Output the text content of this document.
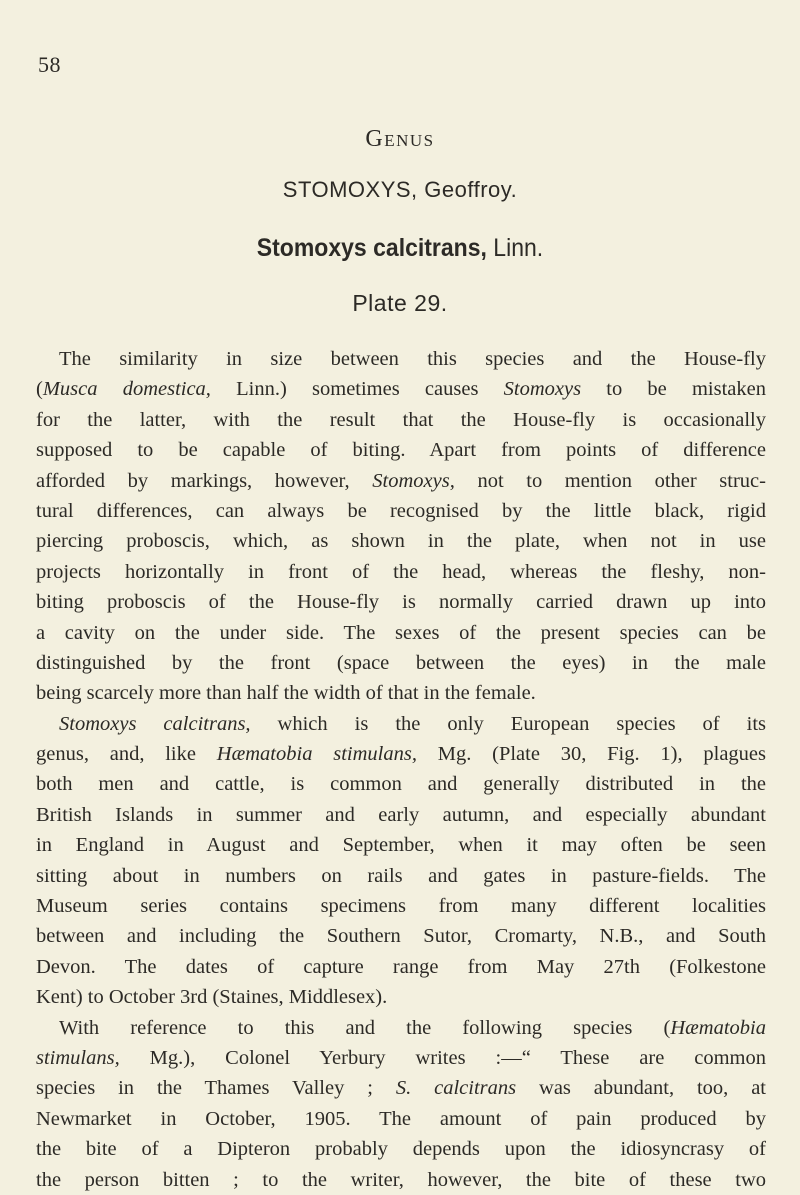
58
Genus
STOMOXYS, Geoffroy.
Stomoxys calcitrans, Linn.
Plate 29.
The similarity in size between this species and the House-fly
(Musca domestica, Linn.) sometimes causes Stomoxys to be mistaken
for the latter, with the result that the House-fly is occasionally
supposed to be capable of biting. Apart from points of difference
afforded by markings, however, Stomoxys, not to mention other struc-
tural differences, can always be recognised by the little black, rigid
piercing proboscis, which, as shown in the plate, when not in use
projects horizontally in front of the head, whereas the fleshy, non-
biting proboscis of the House-fly is normally carried drawn up into
a cavity on the under side. The sexes of the present species can be
distinguished by the front (space between the eyes) in the male
being scarcely more than half the width of that in the female.
Stomoxys calcitrans, which is the only European species of its
genus, and, like Hæmatobia stimulans, Mg. (Plate 30, Fig. 1), plagues
both men and cattle, is common and generally distributed in the
British Islands in summer and early autumn, and especially abundant
in England in August and September, when it may often be seen
sitting about in numbers on rails and gates in pasture-fields. The
Museum series contains specimens from many different localities
between and including the Southern Sutor, Cromarty, N.B., and South
Devon. The dates of capture range from May 27th (Folkestone
Kent) to October 3rd (Staines, Middlesex).
With reference to this and the following species (Hæmatobia
stimulans, Mg.), Colonel Yerbury writes :—“ These are common
species in the Thames Valley ; S. calcitrans was abundant, too, at
Newmarket in October, 1905. The amount of pain produced by
the bite of a Dipteron probably depends upon the idiosyncrasy of
the person bitten ; to the writer, however, the bite of these two
